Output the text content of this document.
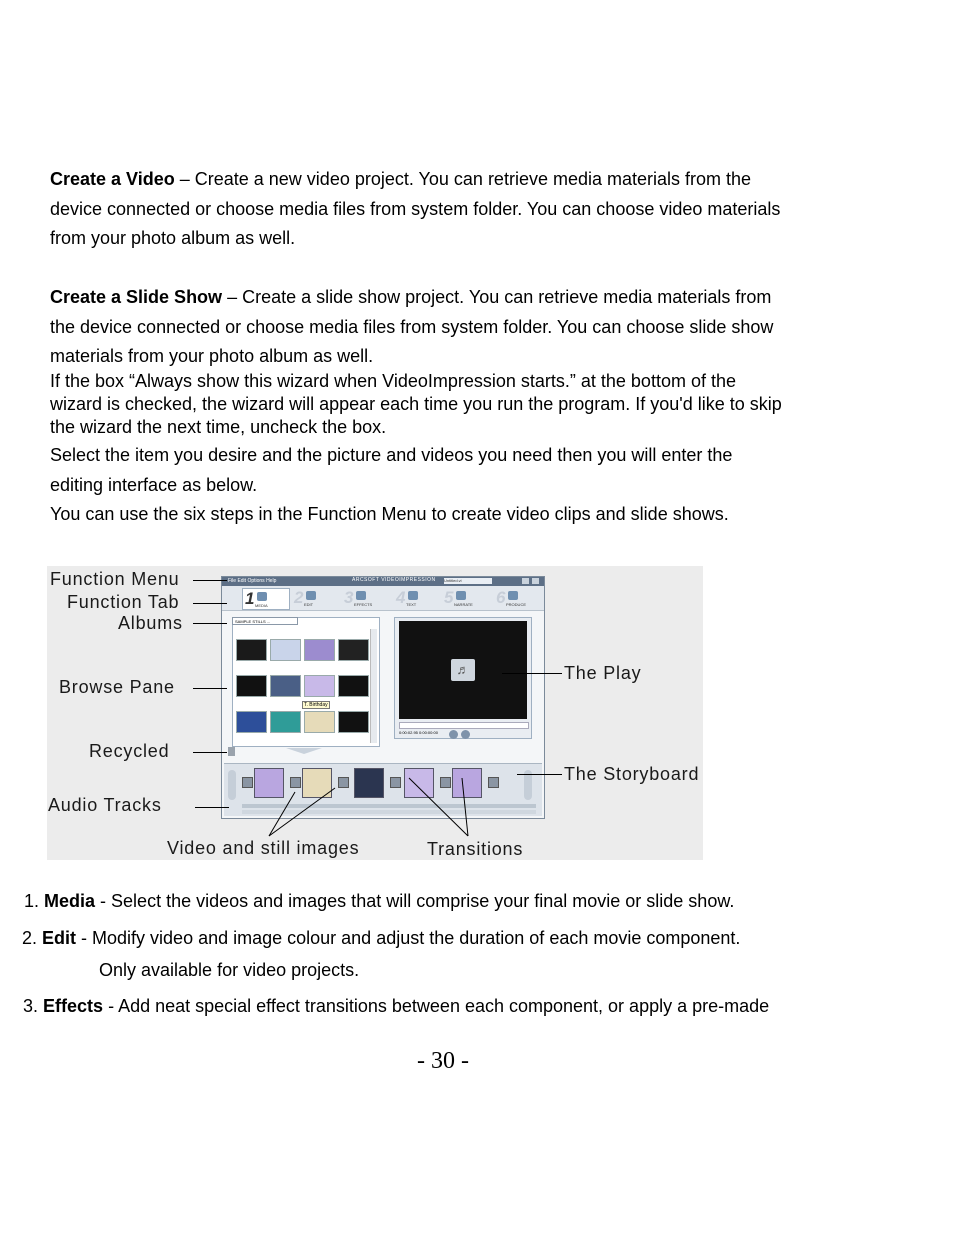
Create a Video – Create a new video project. You can retrieve media materials from the
device connected or choose media files from system folder. You can choose video materials
from your photo album as well.
Create a Slide Show – Create a slide show project. You can retrieve media materials from
the device connected or choose media files from system folder. You can choose slide show
materials from your photo album as well.
If the box “Always show this wizard when VideoImpression starts.” at the bottom of the
wizard is checked, the wizard will appear each time you run the program. If you'd like to skip
the wizard the next time, uncheck the box.
Select the item you desire and the picture and videos you need then you will enter the
editing interface as below.
You can use the six steps in the Function Menu to create video clips and slide shows.
File Edit Options Help	ARCSOFT VIDEOIMPRESSION Untitled.vi
1 MEDIA 2 EDIT 3 EFFECTS 4 TEXT 5 NARRATE 6 PRODUCE
SAMPLE STILLS ...
T. Birthday
♬
0:00:02.95 0:00:00:00
Function Menu
Function Tab
Albums
Browse Pane
Recycled
Audio Tracks
The Play
The Storyboard
Video and still images	Transitions
1. Media - Select the videos and images that will comprise your final movie or slide show.
2. Edit - Modify video and image colour and adjust the duration of each movie component.
Only available for video projects.
3. Effects - Add neat special effect transitions between each component, or apply a pre-made
- 30 -
